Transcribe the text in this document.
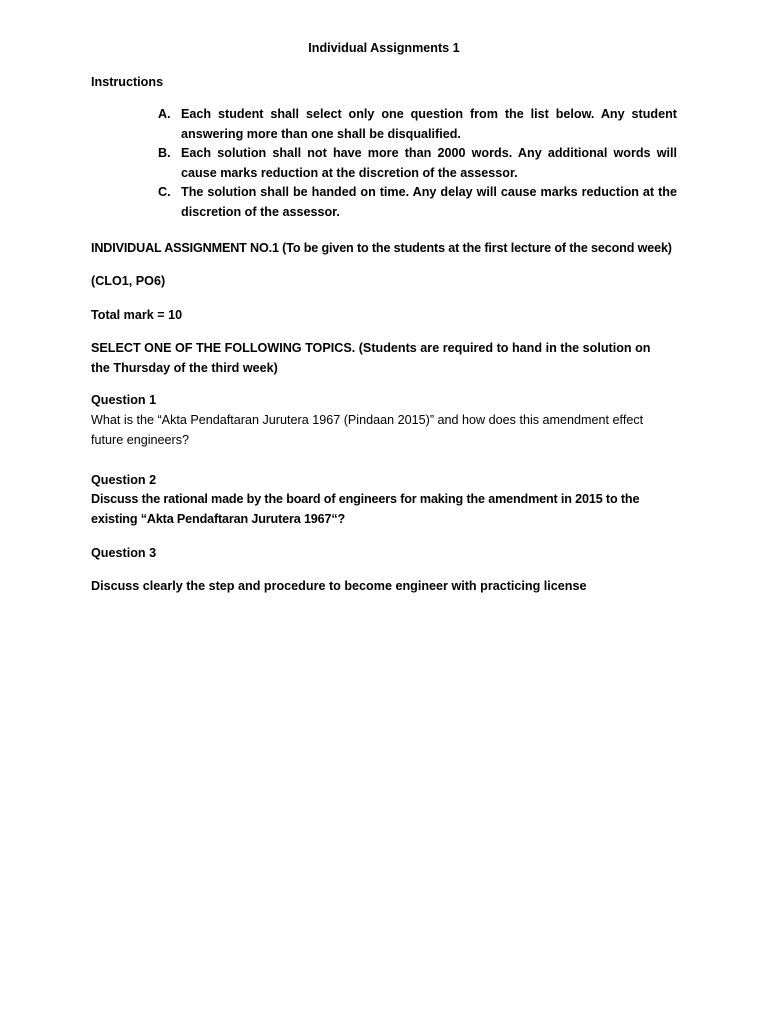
Individual Assignments 1
Instructions
A. Each student shall select only one question from the list below. Any student answering more than one shall be disqualified.
B. Each solution shall not have more than 2000 words. Any additional words will cause marks reduction at the discretion of the assessor.
C. The solution shall be handed on time. Any delay will cause marks reduction at the discretion of the assessor.
INDIVIDUAL ASSIGNMENT NO.1 (To be given to the students at the first lecture of the second week)
(CLO1, PO6)
Total mark = 10
SELECT ONE OF THE FOLLOWING TOPICS. (Students are required to hand in the solution on the Thursday of the third week)
Question 1
What is the “Akta Pendaftaran Jurutera 1967 (Pindaan 2015)” and how does this amendment effect future engineers?
Question 2
Discuss the rational made by the board of engineers for making the amendment in 2015 to the existing “Akta Pendaftaran Jurutera 1967“?
Question 3
Discuss clearly the step and procedure to become engineer with practicing license
